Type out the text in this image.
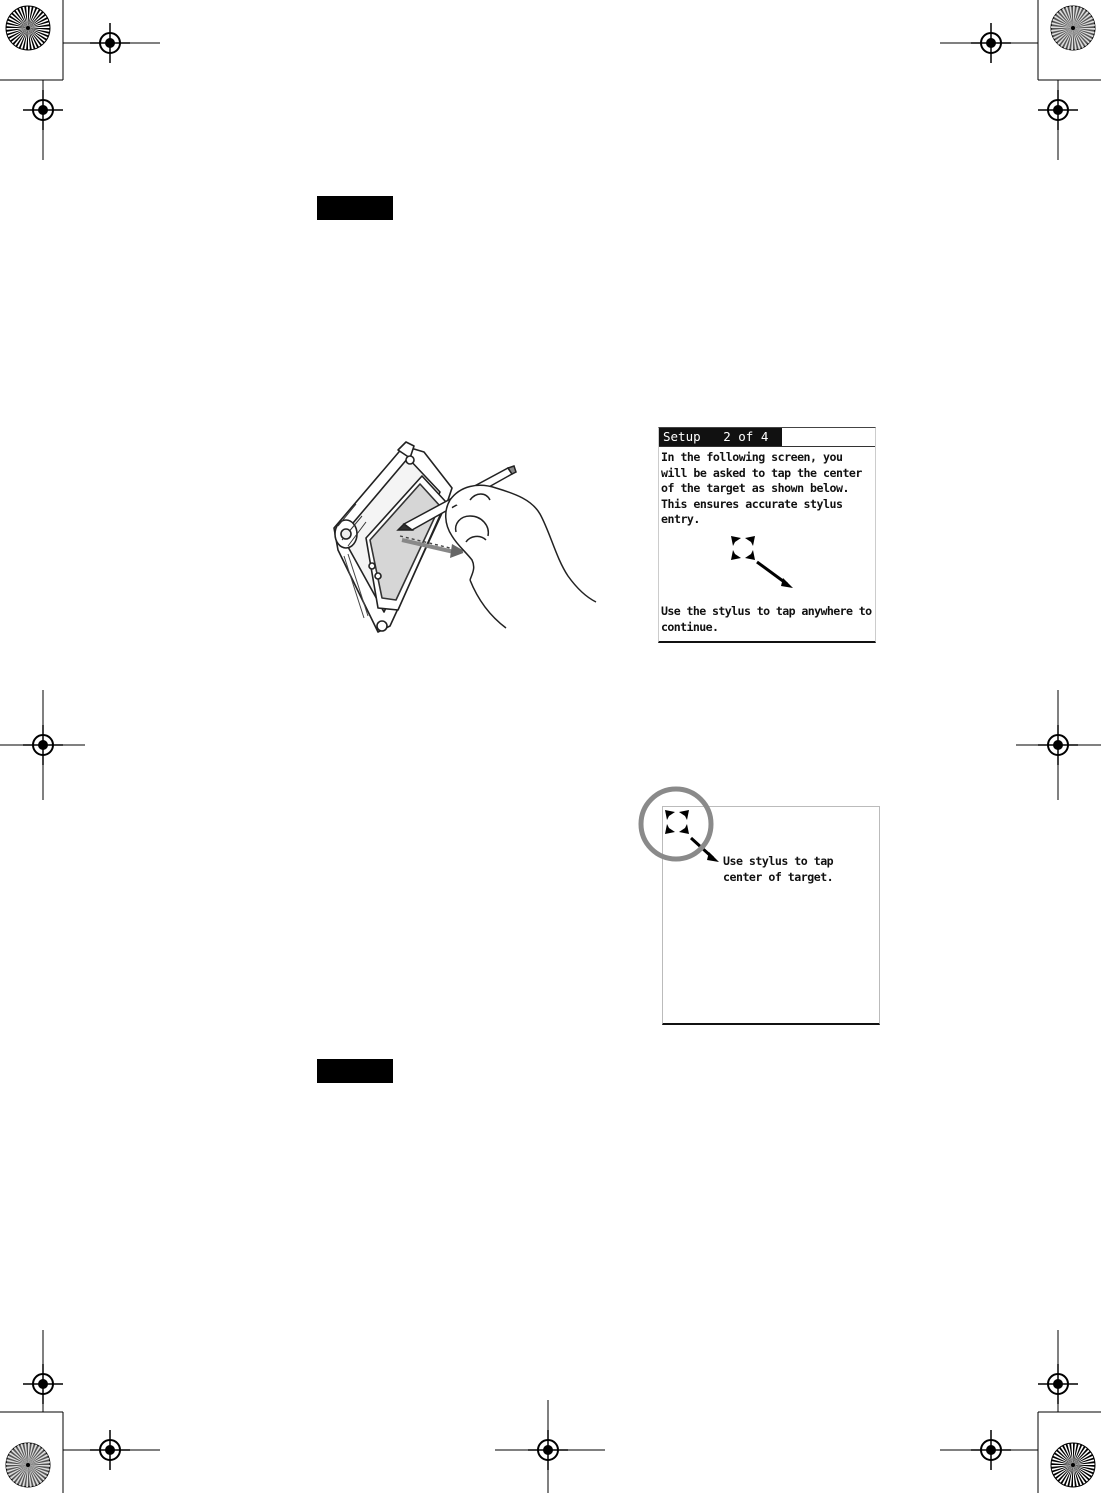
Setup   2 of 4
In the following screen, you will be asked to tap the center of the target as shown below. This ensures accurate stylus entry.
Use the stylus to tap anywhere to continue.
Use stylus to tap center of target.
